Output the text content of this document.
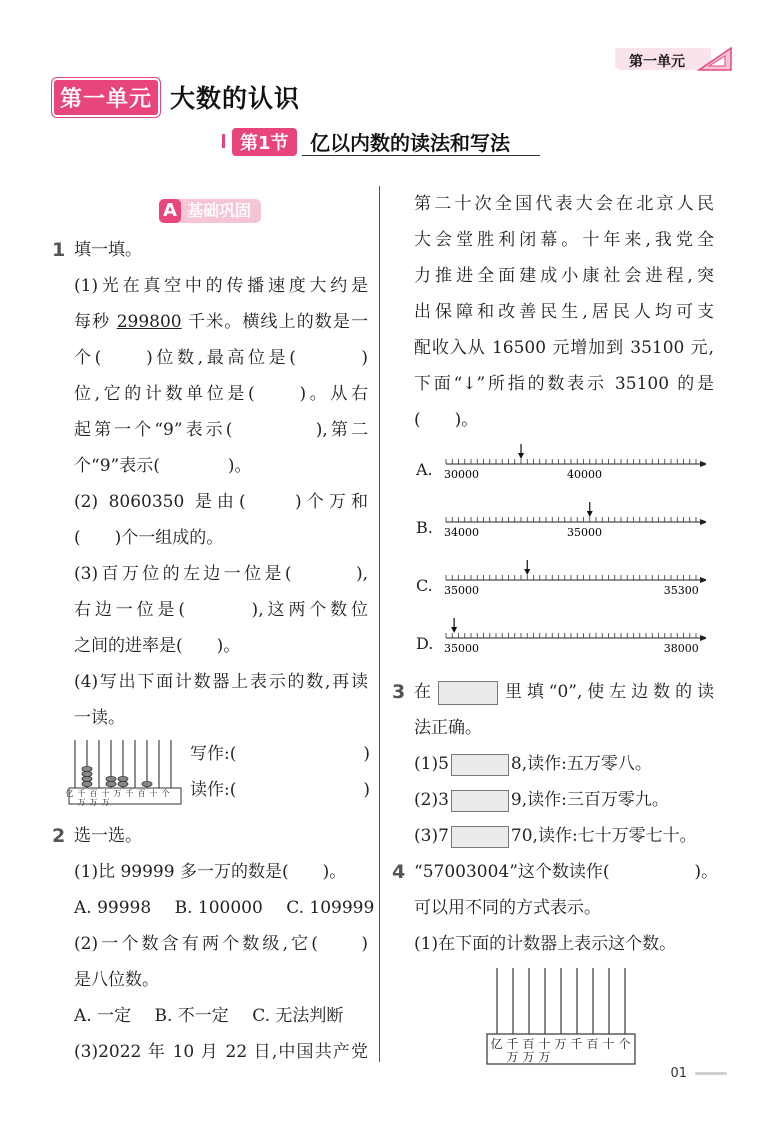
第一单元
第一单元 大数的认识
第1节	亿以内数的读法和写法
A 基础巩固
1 填一填。
(1)光在真空中的传播速度大约是
每秒 299800 千米。横线上的数是一
个(　　)位数,最高位是(　　　)
位,它的计数单位是(　　)。从右
起第一个“9”表示(　　　　),第二
个“9”表示(　　　　)。
(2) 8060350 是由(　　)个万和
(　　)个一组成的。
(3)百万位的左边一位是(　　　),
右边一位是(　　　),这两个数位
之间的进率是(　　)。
(4)写出下面计数器上表示的数,再读
一读。
亿 千万
百万
十万
万 千 百 十 个
写作:(	)
读作:(	)
2 选一选。
(1)比 99999 多一万的数是(　　)。
A. 99998 B. 100000 C. 109999
(2)一个数含有两个数级,它(　　)
是八位数。
A. 一定 B. 不一定 C. 无法判断
(3)2022 年 10 月 22 日,中国共产党
第二十次全国代表大会在北京人民
大会堂胜利闭幕。十年来,我党全
力推进全面建成小康社会进程,突
出保障和改善民生,居民人均可支
配收入从 16500 元增加到 35100 元,
下面“↓”所指的数表示 35100 的是
(　　)。
A. 30000	40000
B. 34000	35000
C. 35000	35300
D. 35000	38000
3 在	里填“0”,使左边数的读
法正确。
(1)5	8,读作:五万零八。
(2)3	9,读作:三百万零九。
(3)7	70,读作:七十万零七十。
4 “57003004”这个数读作(　　　　　)。
可以用不同的方式表示。
(1)在下面的计数器上表示这个数。
亿 千万
百万
十万
万 千 百 十 个
01
